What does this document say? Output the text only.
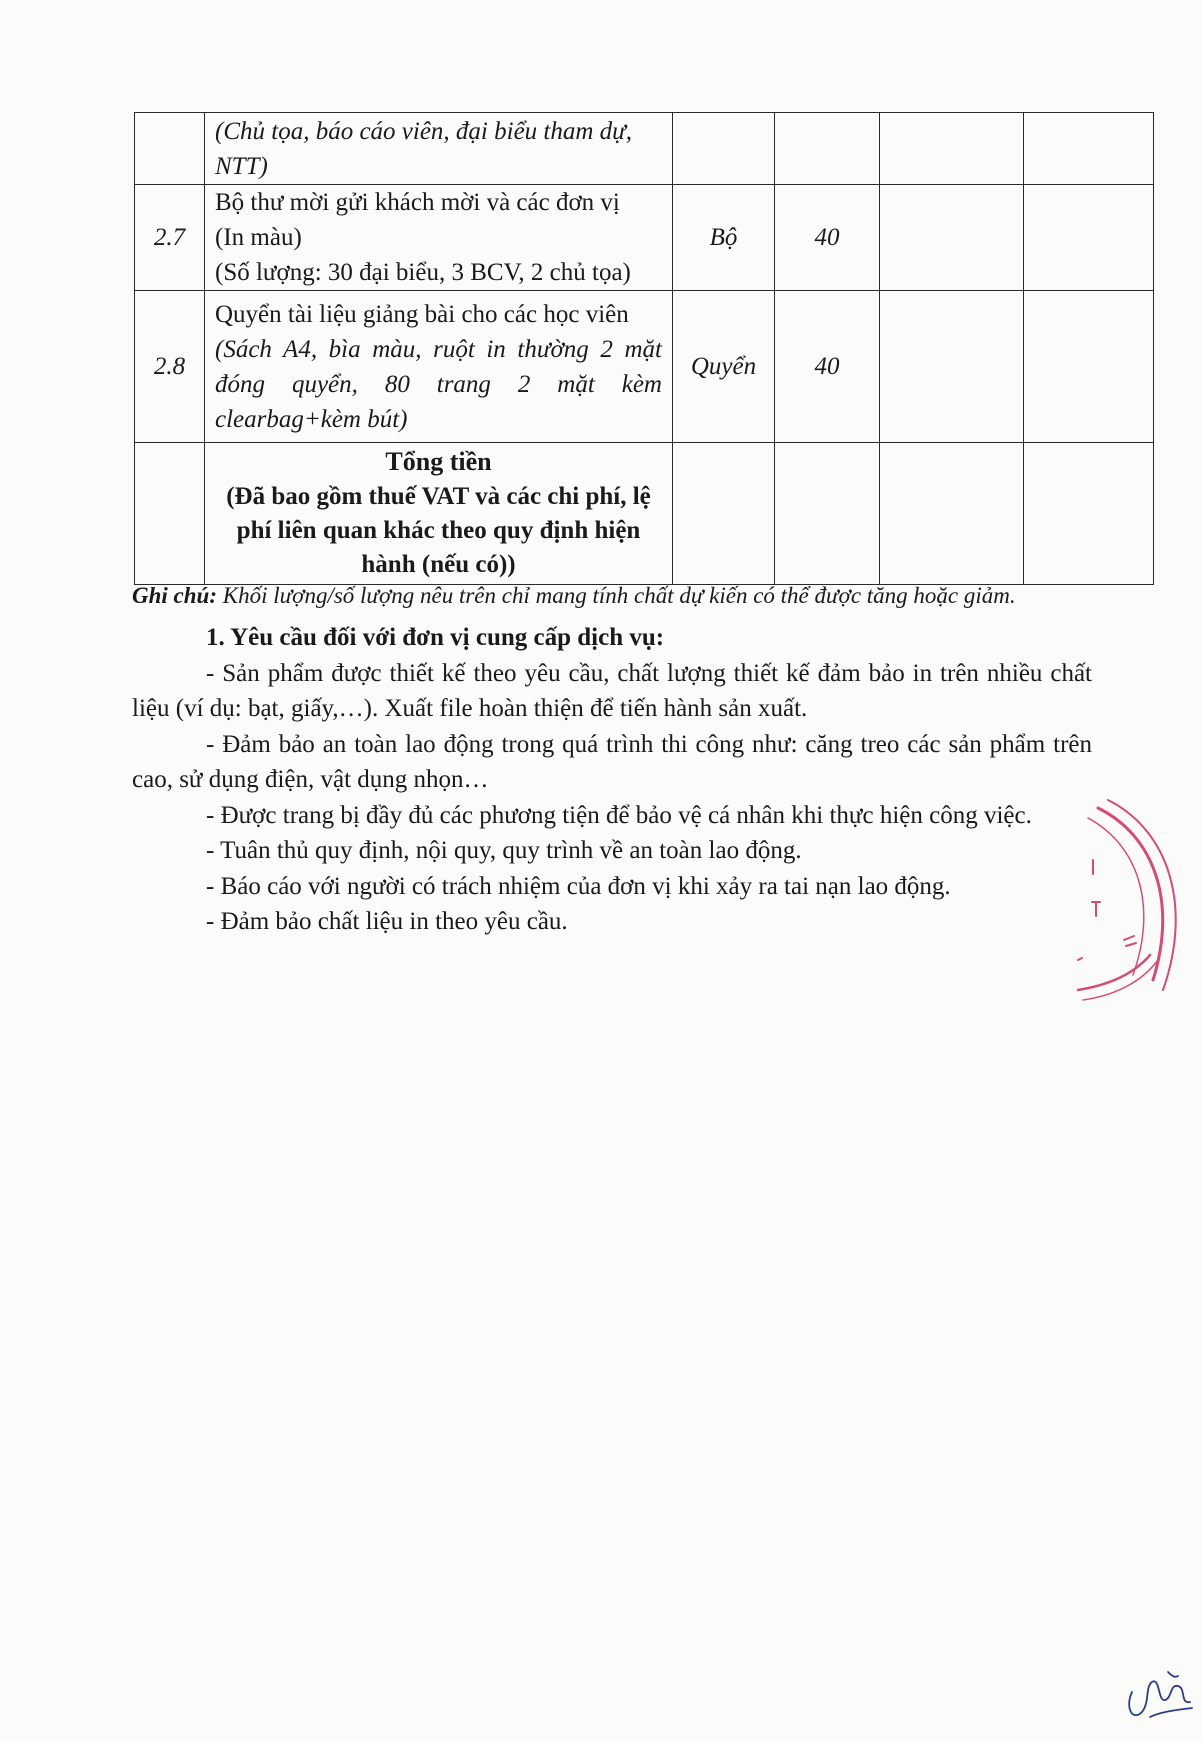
	(Chủ tọa, báo cáo viên, đại biểu tham dự,
NTT)				
2.7	Bộ thư mời gửi khách mời và các đơn vị
(In màu)
(Số lượng: 30 đại biểu, 3 BCV, 2 chủ tọa)	Bộ	40		
2.8	Quyển tài liệu giảng bài cho các học viên
(Sách A4, bìa màu, ruột in thường 2 mặt đóng quyển, 80 trang 2 mặt kèm clearbag+kèm bút)	Quyển	40		
	Tổng tiền
(Đã bao gồm thuế VAT và các chi phí, lệ phí liên quan khác theo quy định hiện hành (nếu có))				
Ghi chú: Khối lượng/số lượng nêu trên chỉ mang tính chất dự kiến có thể được tăng hoặc giảm.
1. Yêu cầu đối với đơn vị cung cấp dịch vụ:
- Sản phẩm được thiết kế theo yêu cầu, chất lượng thiết kế đảm bảo in trên nhiều chất liệu (ví dụ: bạt, giấy,…). Xuất file hoàn thiện để tiến hành sản xuất.
- Đảm bảo an toàn lao động trong quá trình thi công như: căng treo các sản phẩm trên cao, sử dụng điện, vật dụng nhọn…
- Được trang bị đầy đủ các phương tiện để bảo vệ cá nhân khi thực hiện công việc.
- Tuân thủ quy định, nội quy, quy trình về an toàn lao động.
- Báo cáo với người có trách nhiệm của đơn vị khi xảy ra tai nạn lao động.
- Đảm bảo chất liệu in theo yêu cầu.
